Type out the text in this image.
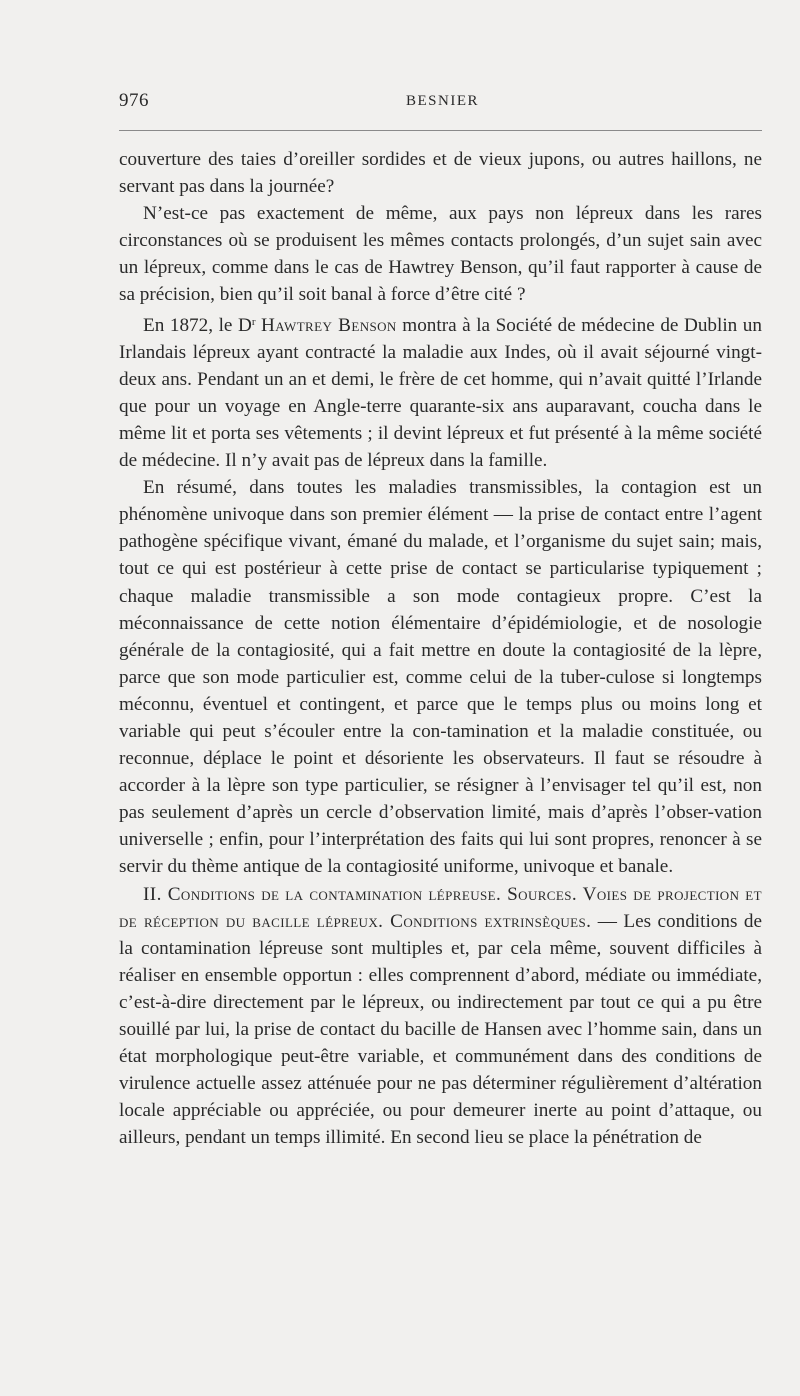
976	BESNIER

couverture des taies d’oreiller sordides et de vieux jupons, ou autres haillons, ne servant pas dans la journée?

N’est-ce pas exactement de même, aux pays non lépreux dans les rares circonstances où se produisent les mêmes contacts prolongés, d’un sujet sain avec un lépreux, comme dans le cas de Hawtrey Benson, qu’il faut rapporter à cause de sa précision, bien qu’il soit banal à force d’être cité ?

En 1872, le $D^r$ Hawtrey Benson montra à la Société de médecine de Dublin un Irlandais lépreux ayant contracté la maladie aux Indes, où il avait séjourné vingt-deux ans. Pendant un an et demi, le frère de cet homme, qui n’avait quitté l’Irlande que pour un voyage en Angle-terre quarante-six ans auparavant, coucha dans le même lit et porta ses vêtements ; il devint lépreux et fut présenté à la même société de médecine. Il n’y avait pas de lépreux dans la famille.

En résumé, dans toutes les maladies transmissibles, la contagion est un phénomène univoque dans son premier élément — la prise de contact entre l’agent pathogène spécifique vivant, émané du malade, et l’organisme du sujet sain; mais, tout ce qui est postérieur à cette prise de contact se particularise typiquement ; chaque maladie transmissible a son mode contagieux propre. C’est la méconnaissance de cette notion élémentaire d’épidémiologie, et de nosologie générale de la contagiosité, qui a fait mettre en doute la contagiosité de la lèpre, parce que son mode particulier est, comme celui de la tuber-culose si longtemps méconnu, éventuel et contingent, et parce que le temps plus ou moins long et variable qui peut s’écouler entre la con-tamination et la maladie constituée, ou reconnue, déplace le point et désoriente les observateurs. Il faut se résoudre à accorder à la lèpre son type particulier, se résigner à l’envisager tel qu’il est, non pas seulement d’après un cercle d’observation limité, mais d’après l’obser-vation universelle ; enfin, pour l’interprétation des faits qui lui sont propres, renoncer à se servir du thème antique de la contagiosité uniforme, univoque et banale.

II. Conditions de la contamination lépreuse. Sources. Voies de projection et de réception du bacille lépreux. Conditions extrinsèques. — Les conditions de la contamination lépreuse sont multiples et, par cela même, souvent difficiles à réaliser en ensemble opportun : elles comprennent d’abord, médiate ou immédiate, c’est-à-dire directement par le lépreux, ou indirectement par tout ce qui a pu être souillé par lui, la prise de contact du bacille de Hansen avec l’homme sain, dans un état morphologique peut-être variable, et communément dans des conditions de virulence actuelle assez atténuée pour ne pas déterminer régulièrement d’altération locale appréciable ou appréciée, ou pour demeurer inerte au point d’attaque, ou ailleurs, pendant un temps illimité. En second lieu se place la pénétration de
